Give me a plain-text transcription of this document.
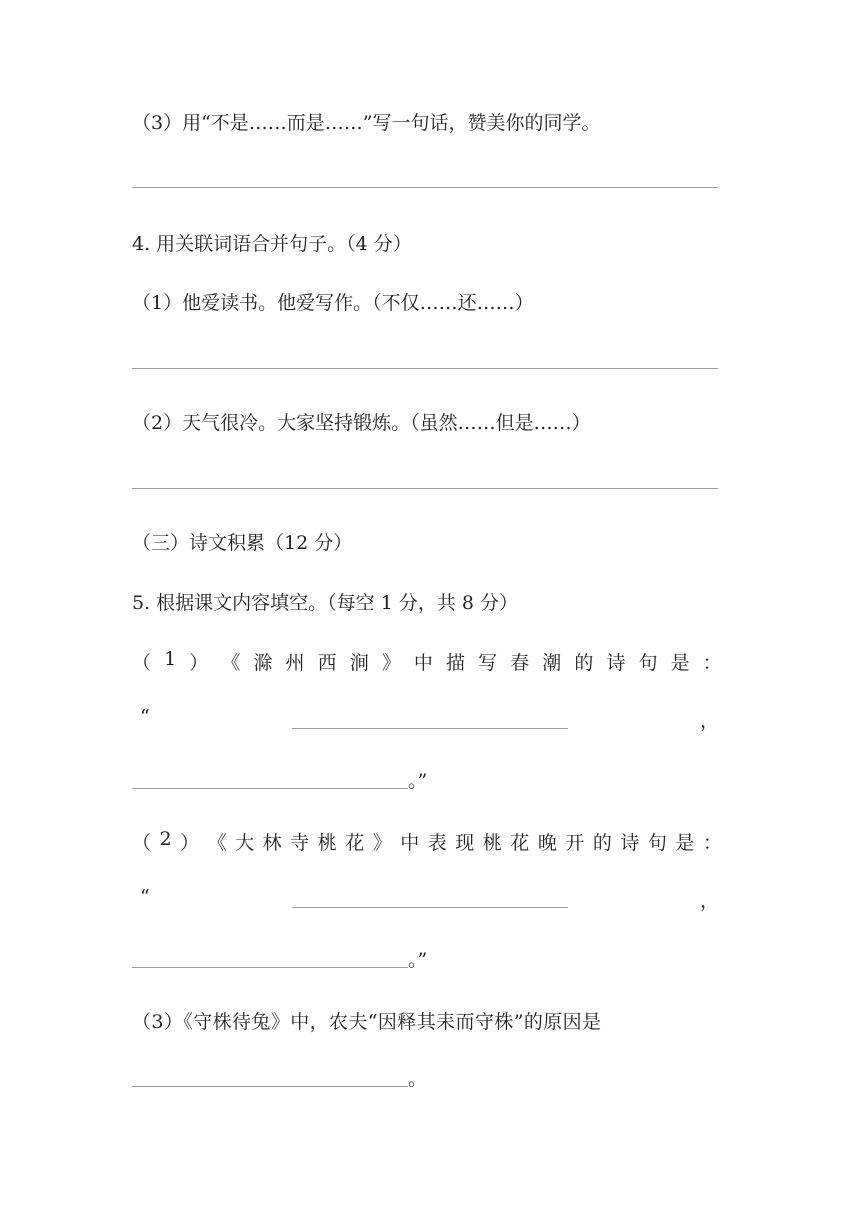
（3）用“不是……而是……”写一句话，赞美你的同学。
4. 用关联词语合并句子。（4 分）
（1）他爱读书。他爱写作。（不仅……还……）
（2）天气很冷。大家坚持锻炼。（虽然……但是……）
（三）诗文积累（12 分）
5. 根据课文内容填空。（每空 1 分，共 8 分）
（ 1 ） 《 滁 州 西 涧 》 中 描 写 春 潮 的 诗 句 是 ：
“	，
。”
（ 2 ） 《 大 林 寺 桃 花 》 中 表 现 桃 花 晚 开 的 诗 句 是 ：
“	，
。”
（3）《守株待兔》中，农夫“因释其耒而守株”的原因是
。
